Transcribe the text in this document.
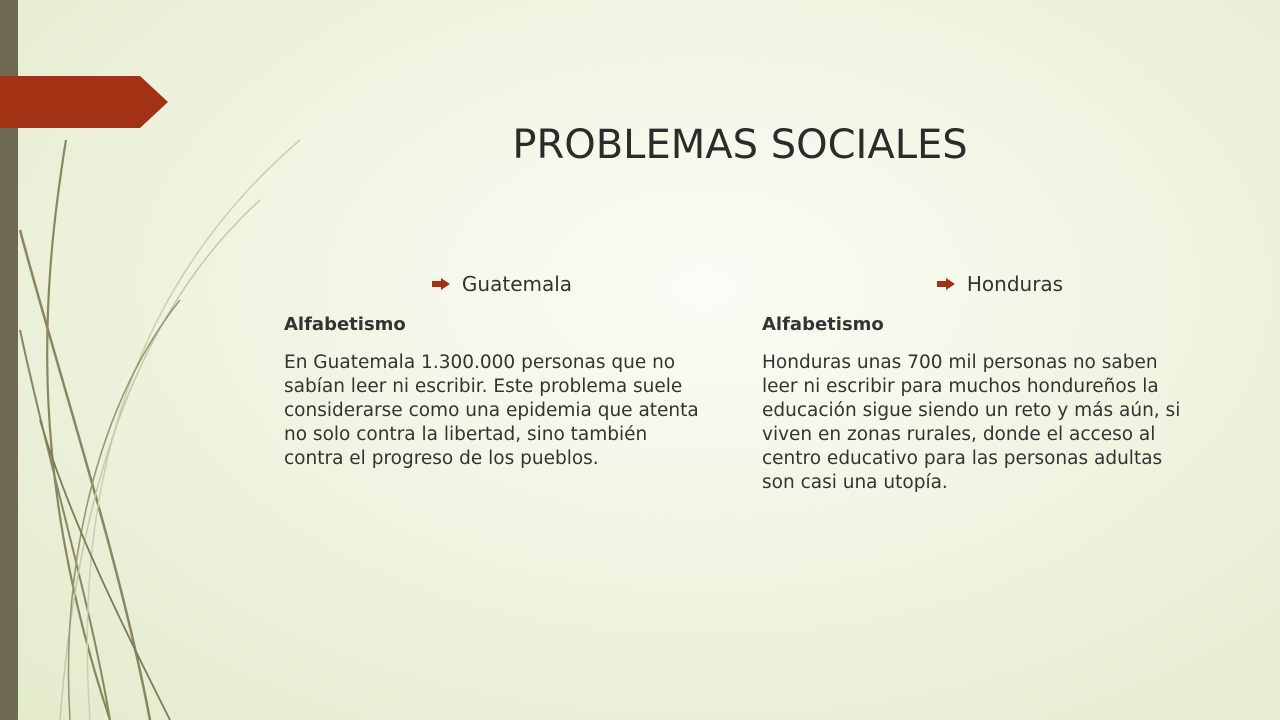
PROBLEMAS SOCIALES
Guatemala
Alfabetismo
En Guatemala 1.300.000 personas que no sabían leer ni escribir. Este problema suele considerarse como una epidemia que atenta no solo contra la libertad, sino también contra el progreso de los pueblos.
Honduras
Alfabetismo
Honduras unas 700 mil personas no saben leer ni escribir para muchos hondureños la educación sigue siendo un reto y más aún, si viven en zonas rurales, donde el acceso al centro educativo para las personas adultas son casi una utopía.
